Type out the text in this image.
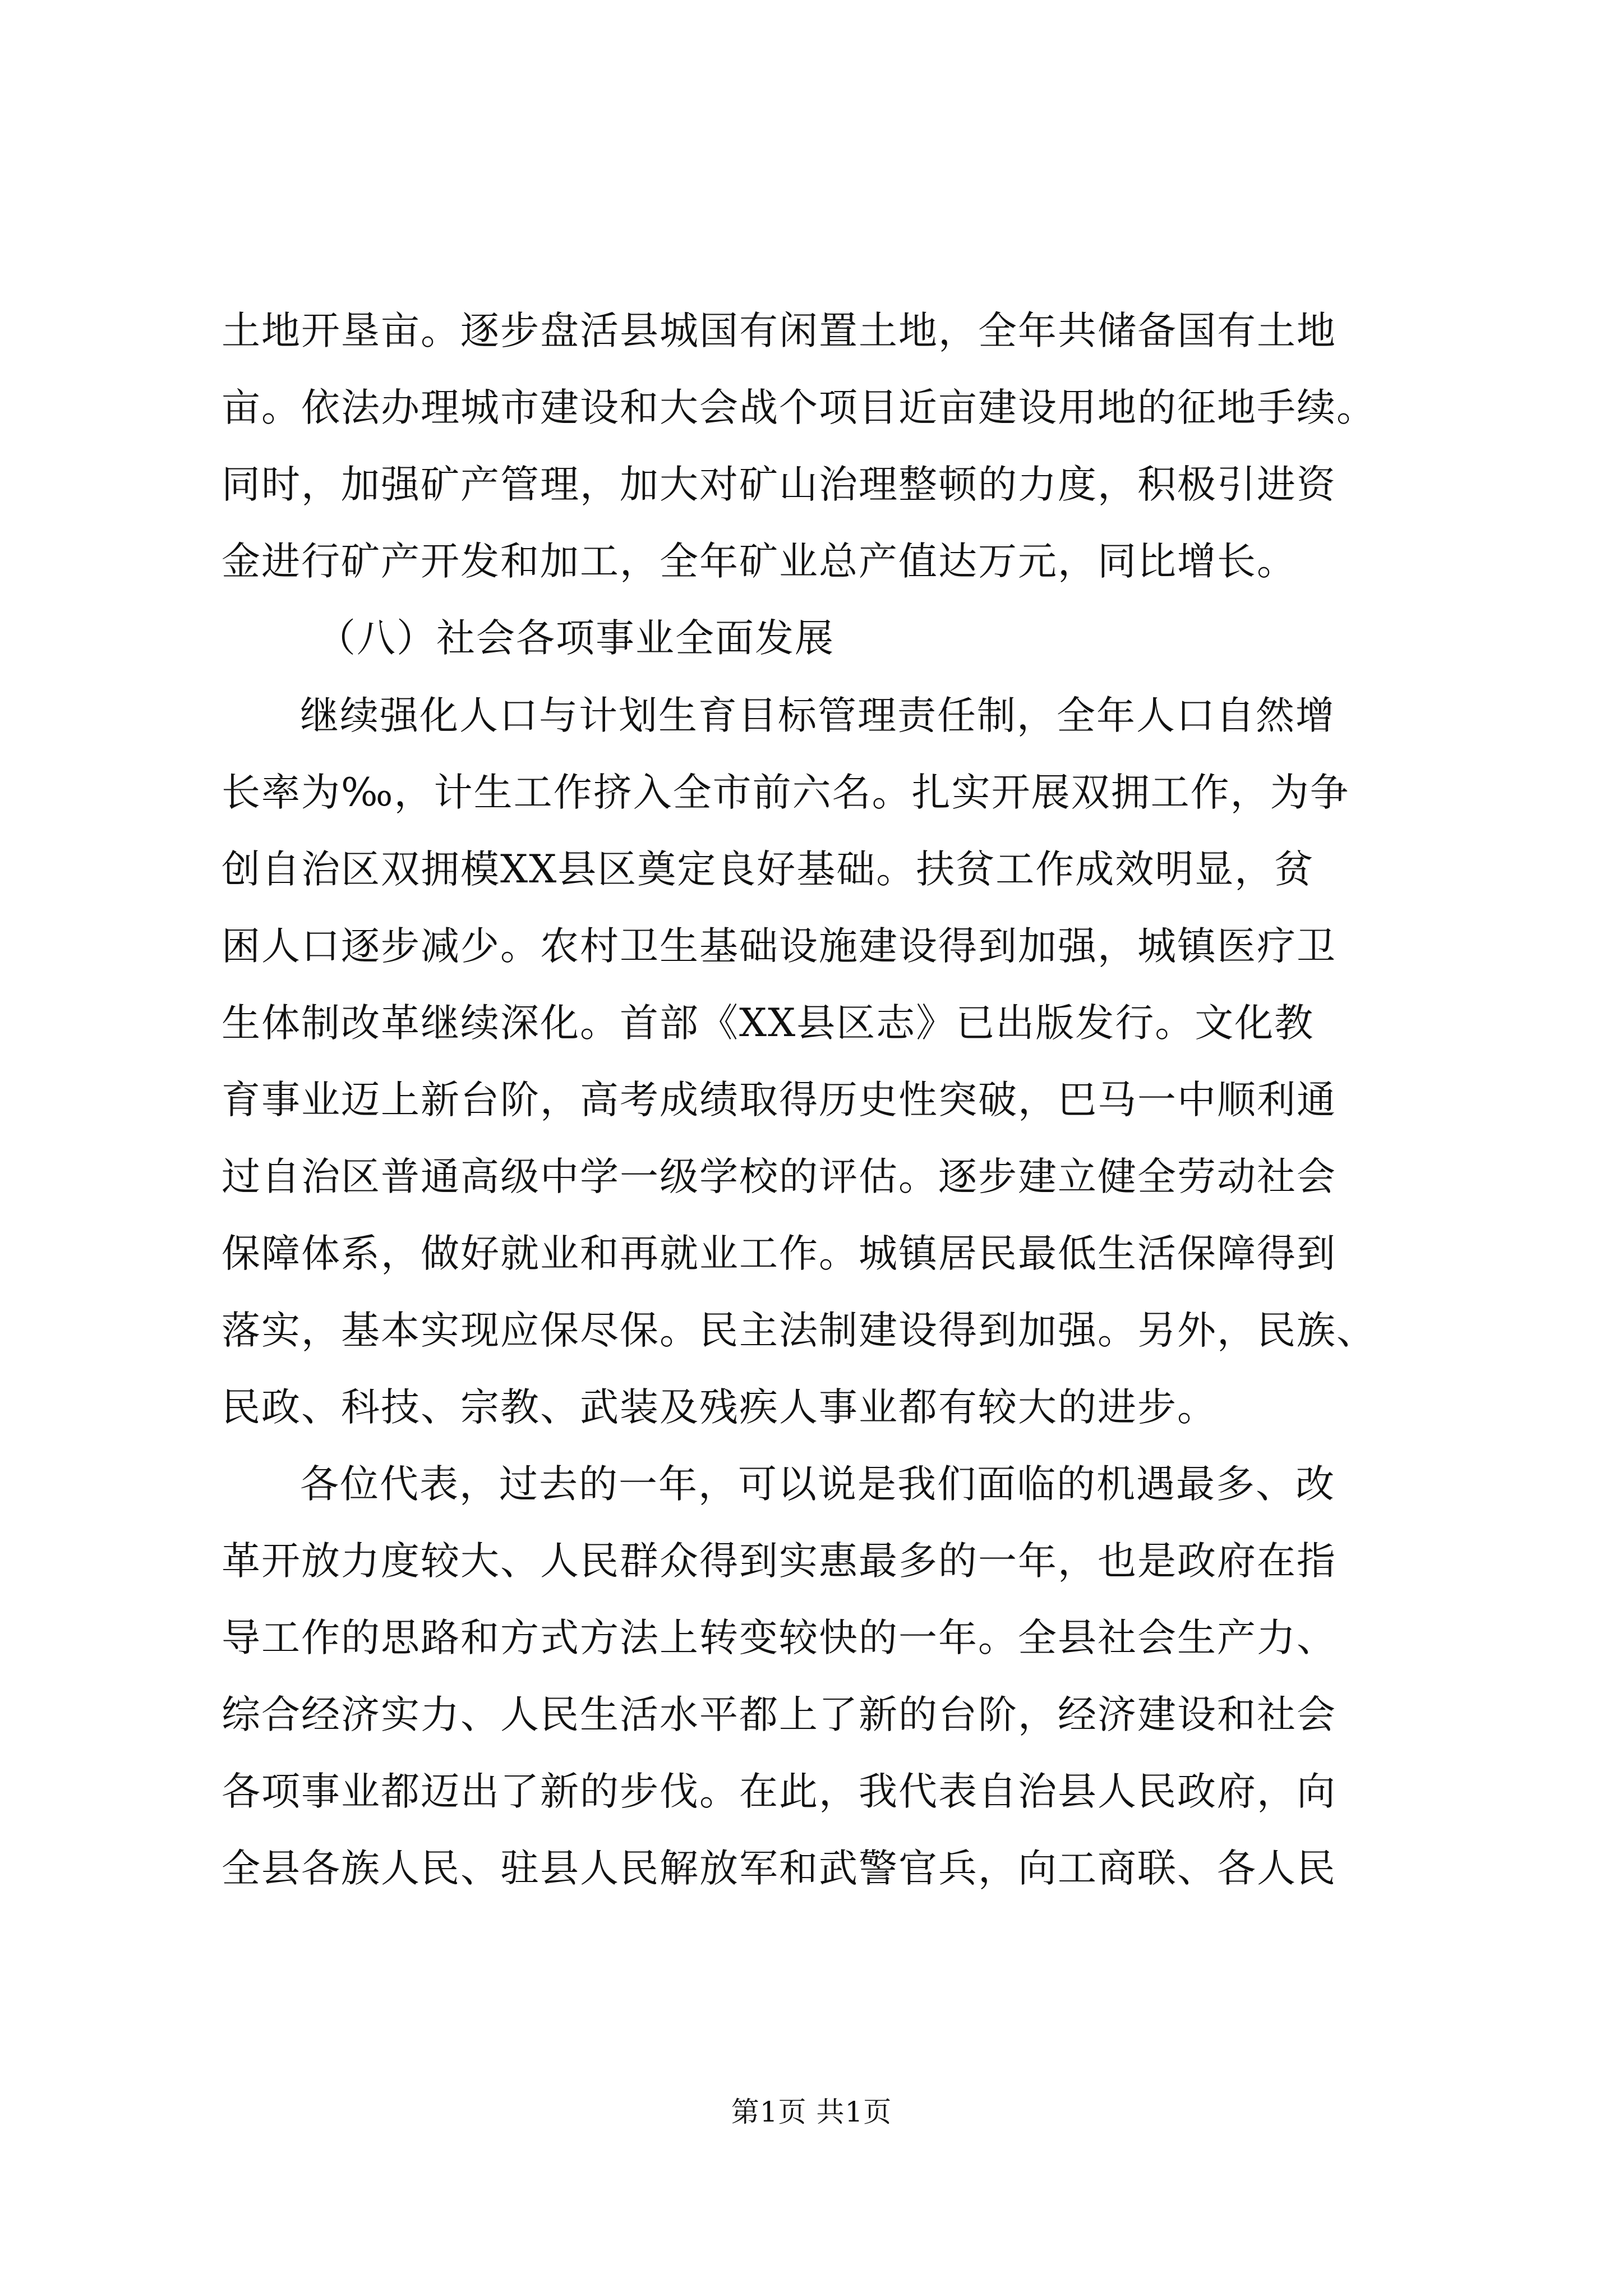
土地开垦亩。逐步盘活县城国有闲置土地，全年共储备国有土地
亩。依法办理城市建设和大会战个项目近亩建设用地的征地手续。
同时，加强矿产管理，加大对矿山治理整顿的力度，积极引进资
金进行矿产开发和加工，全年矿业总产值达万元，同比增长。
（八）社会各项事业全面发展
继续强化人口与计划生育目标管理责任制，全年人口自然增
长率为‰，计生工作挤入全市前六名。扎实开展双拥工作，为争
创自治区双拥模XX县区奠定良好基础。扶贫工作成效明显，贫
困人口逐步减少。农村卫生基础设施建设得到加强，城镇医疗卫
生体制改革继续深化。首部《XX县区志》已出版发行。文化教
育事业迈上新台阶，高考成绩取得历史性突破，巴马一中顺利通
过自治区普通高级中学一级学校的评估。逐步建立健全劳动社会
保障体系，做好就业和再就业工作。城镇居民最低生活保障得到
落实，基本实现应保尽保。民主法制建设得到加强。另外，民族、
民政、科技、宗教、武装及残疾人事业都有较大的进步。
各位代表，过去的一年，可以说是我们面临的机遇最多、改
革开放力度较大、人民群众得到实惠最多的一年，也是政府在指
导工作的思路和方式方法上转变较快的一年。全县社会生产力、
综合经济实力、人民生活水平都上了新的台阶，经济建设和社会
各项事业都迈出了新的步伐。在此，我代表自治县人民政府，向
全县各族人民、驻县人民解放军和武警官兵，向工商联、各人民
第1页 共1页
